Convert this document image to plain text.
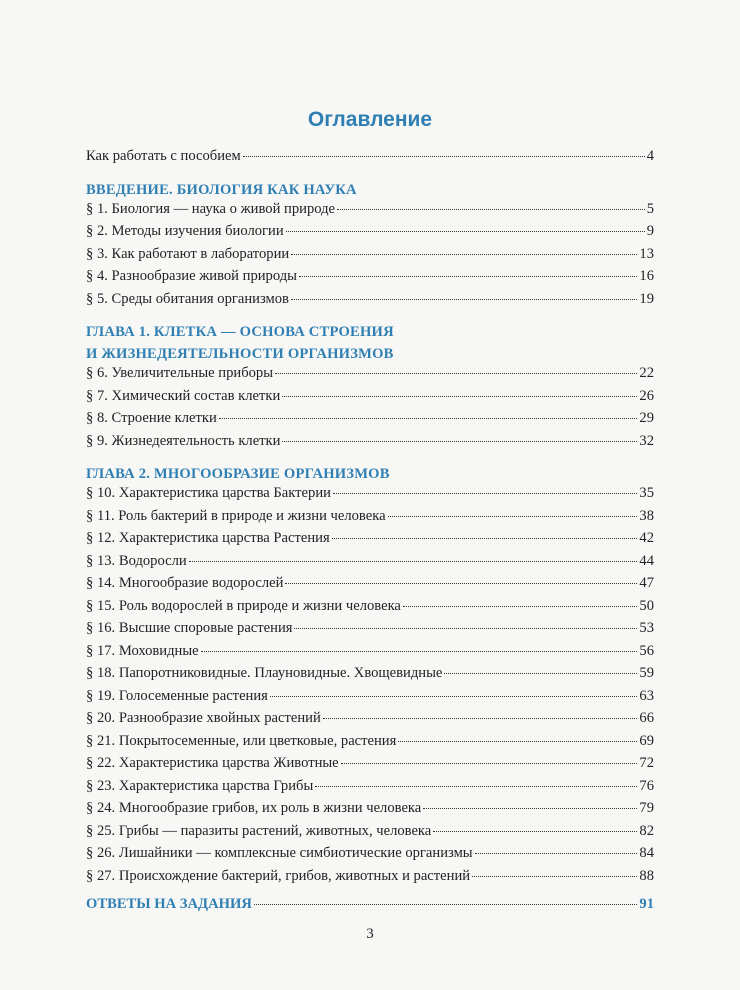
Оглавление
Как работать с пособием	4
ВВЕДЕНИЕ. БИОЛОГИЯ КАК НАУКА
§ 1. Биология — наука о живой природе	5
§ 2. Методы изучения биологии	9
§ 3. Как работают в лаборатории	13
§ 4. Разнообразие живой природы	16
§ 5. Среды обитания организмов	19
ГЛАВА 1. КЛЕТКА — ОСНОВА СТРОЕНИЯ
И ЖИЗНЕДЕЯТЕЛЬНОСТИ ОРГАНИЗМОВ
§ 6. Увеличительные приборы	22
§ 7. Химический состав клетки	26
§ 8. Строение клетки	29
§ 9. Жизнедеятельность клетки	32
ГЛАВА 2. МНОГООБРАЗИЕ ОРГАНИЗМОВ
§ 10. Характеристика царства Бактерии	35
§ 11. Роль бактерий в природе и жизни человека	38
§ 12. Характеристика царства Растения	42
§ 13. Водоросли	44
§ 14. Многообразие водорослей	47
§ 15. Роль водорослей в природе и жизни человека	50
§ 16. Высшие споровые растения	53
§ 17. Моховидные	56
§ 18. Папоротниковидные. Плауновидные. Хвощевидные	59
§ 19. Голосеменные растения	63
§ 20. Разнообразие хвойных растений	66
§ 21. Покрытосеменные, или цветковые, растения	69
§ 22. Характеристика царства Животные	72
§ 23. Характеристика царства Грибы	76
§ 24. Многообразие грибов, их роль в жизни человека	79
§ 25. Грибы — паразиты растений, животных, человека	82
§ 26. Лишайники — комплексные симбиотические организмы	84
§ 27. Происхождение бактерий, грибов, животных и растений	88
ОТВЕТЫ НА ЗАДАНИЯ	91
3
